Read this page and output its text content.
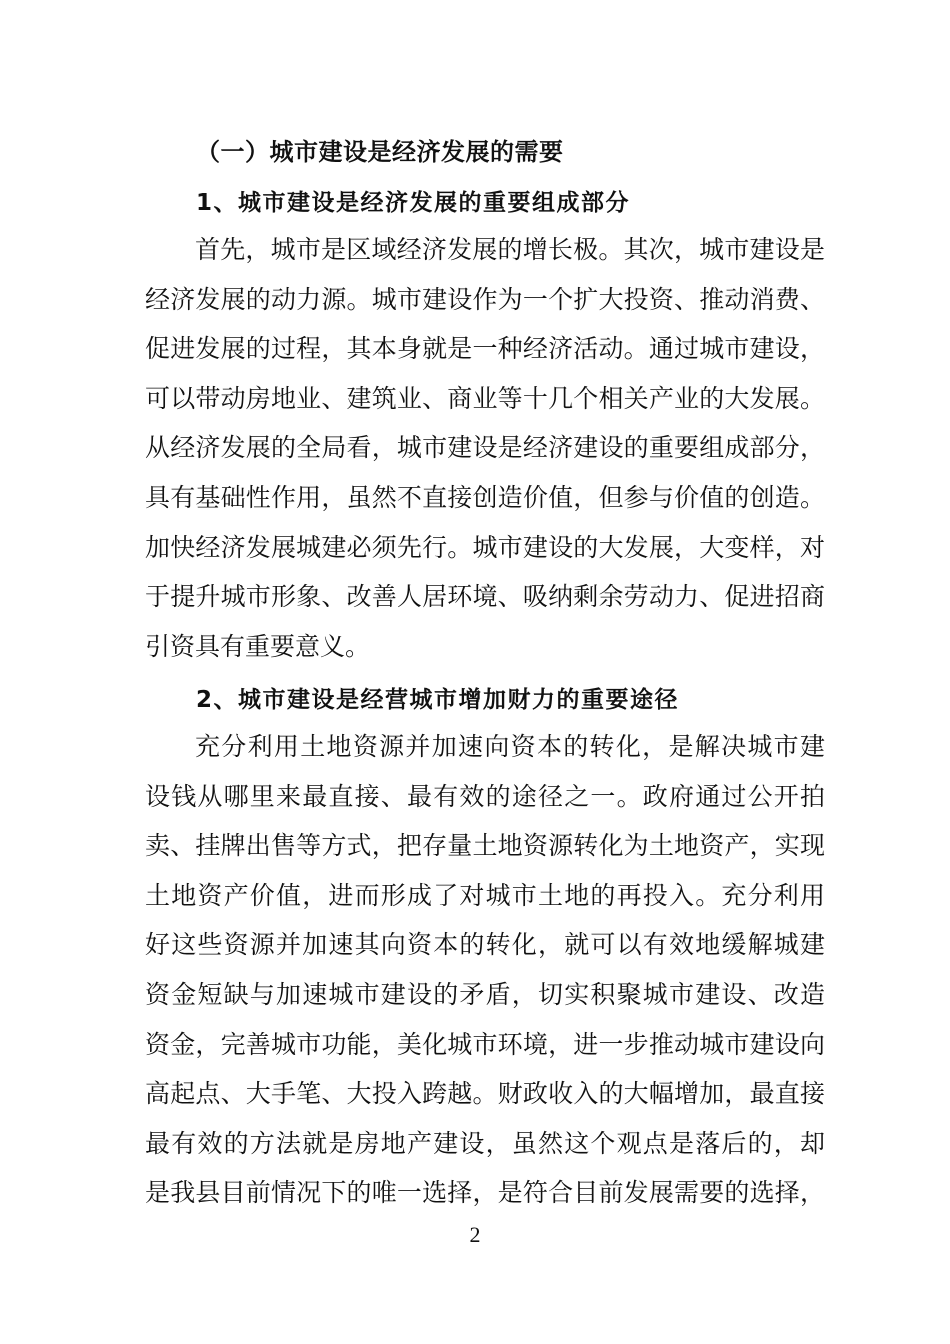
（一）城市建设是经济发展的需要
1、城市建设是经济发展的重要组成部分
首先，城市是区域经济发展的增长极。其次，城市建设是
经济发展的动力源。城市建设作为一个扩大投资、推动消费、
促进发展的过程，其本身就是一种经济活动。通过城市建设，
可以带动房地业、建筑业、商业等十几个相关产业的大发展。
从经济发展的全局看，城市建设是经济建设的重要组成部分，
具有基础性作用，虽然不直接创造价值，但参与价值的创造。
加快经济发展城建必须先行。城市建设的大发展，大变样，对
于提升城市形象、改善人居环境、吸纳剩余劳动力、促进招商
引资具有重要意义。
2、城市建设是经营城市增加财力的重要途径
充分利用土地资源并加速向资本的转化，是解决城市建
设钱从哪里来最直接、最有效的途径之一。政府通过公开拍
卖、挂牌出售等方式，把存量土地资源转化为土地资产，实现
土地资产价值，进而形成了对城市土地的再投入。充分利用
好这些资源并加速其向资本的转化，就可以有效地缓解城建
资金短缺与加速城市建设的矛盾，切实积聚城市建设、改造
资金，完善城市功能，美化城市环境，进一步推动城市建设向
高起点、大手笔、大投入跨越。财政收入的大幅增加，最直接
最有效的方法就是房地产建设，虽然这个观点是落后的，却
是我县目前情况下的唯一选择，是符合目前发展需要的选择，

2
